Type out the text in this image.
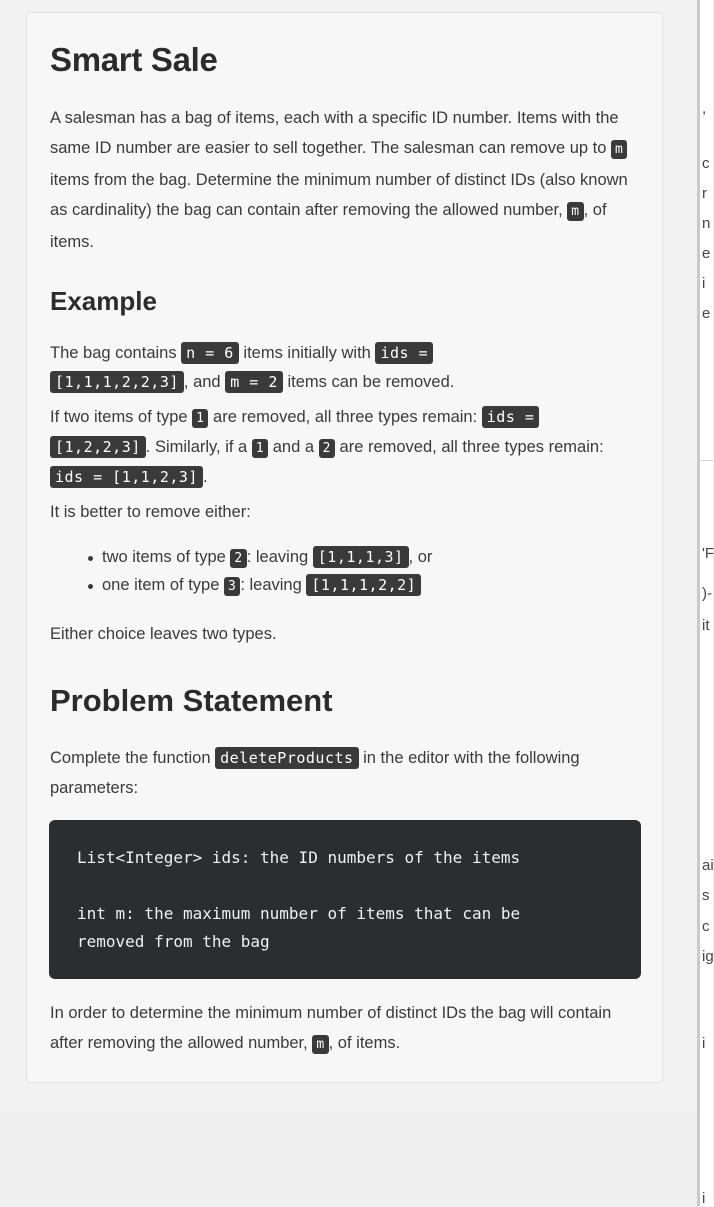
Smart Sale

A salesman has a bag of items, each with a specific ID number. Items with the same ID number are easier to sell together. The salesman can remove up to m items from the bag. Determine the minimum number of distinct IDs (also known as cardinality) the bag can contain after removing the allowed number, m , of items.

Example

The bag contains n = 6 items initially with ids = [1,1,1,2,2,3] , and m = 2 items can be removed.

If two items of type 1 are removed, all three types remain: ids = [1,2,2,3] . Similarly, if a 1 and a 2 are removed, all three types remain: ids = [1,1,2,3] .

It is better to remove either:

two items of type 2 : leaving [1,1,1,3] , or
one item of type 3 : leaving [1,1,1,2,2]

Either choice leaves two types.

Problem Statement

Complete the function deleteProducts in the editor with the following parameters:

List<Integer> ids: the ID numbers of the items
int m: the maximum number of items that can be
removed from the bag

In order to determine the minimum number of distinct IDs the bag will contain after removing the allowed number, m , of items.

,
c
r
n
e
i
e
'F
)-
it
ai
s
c
ig
i
i
